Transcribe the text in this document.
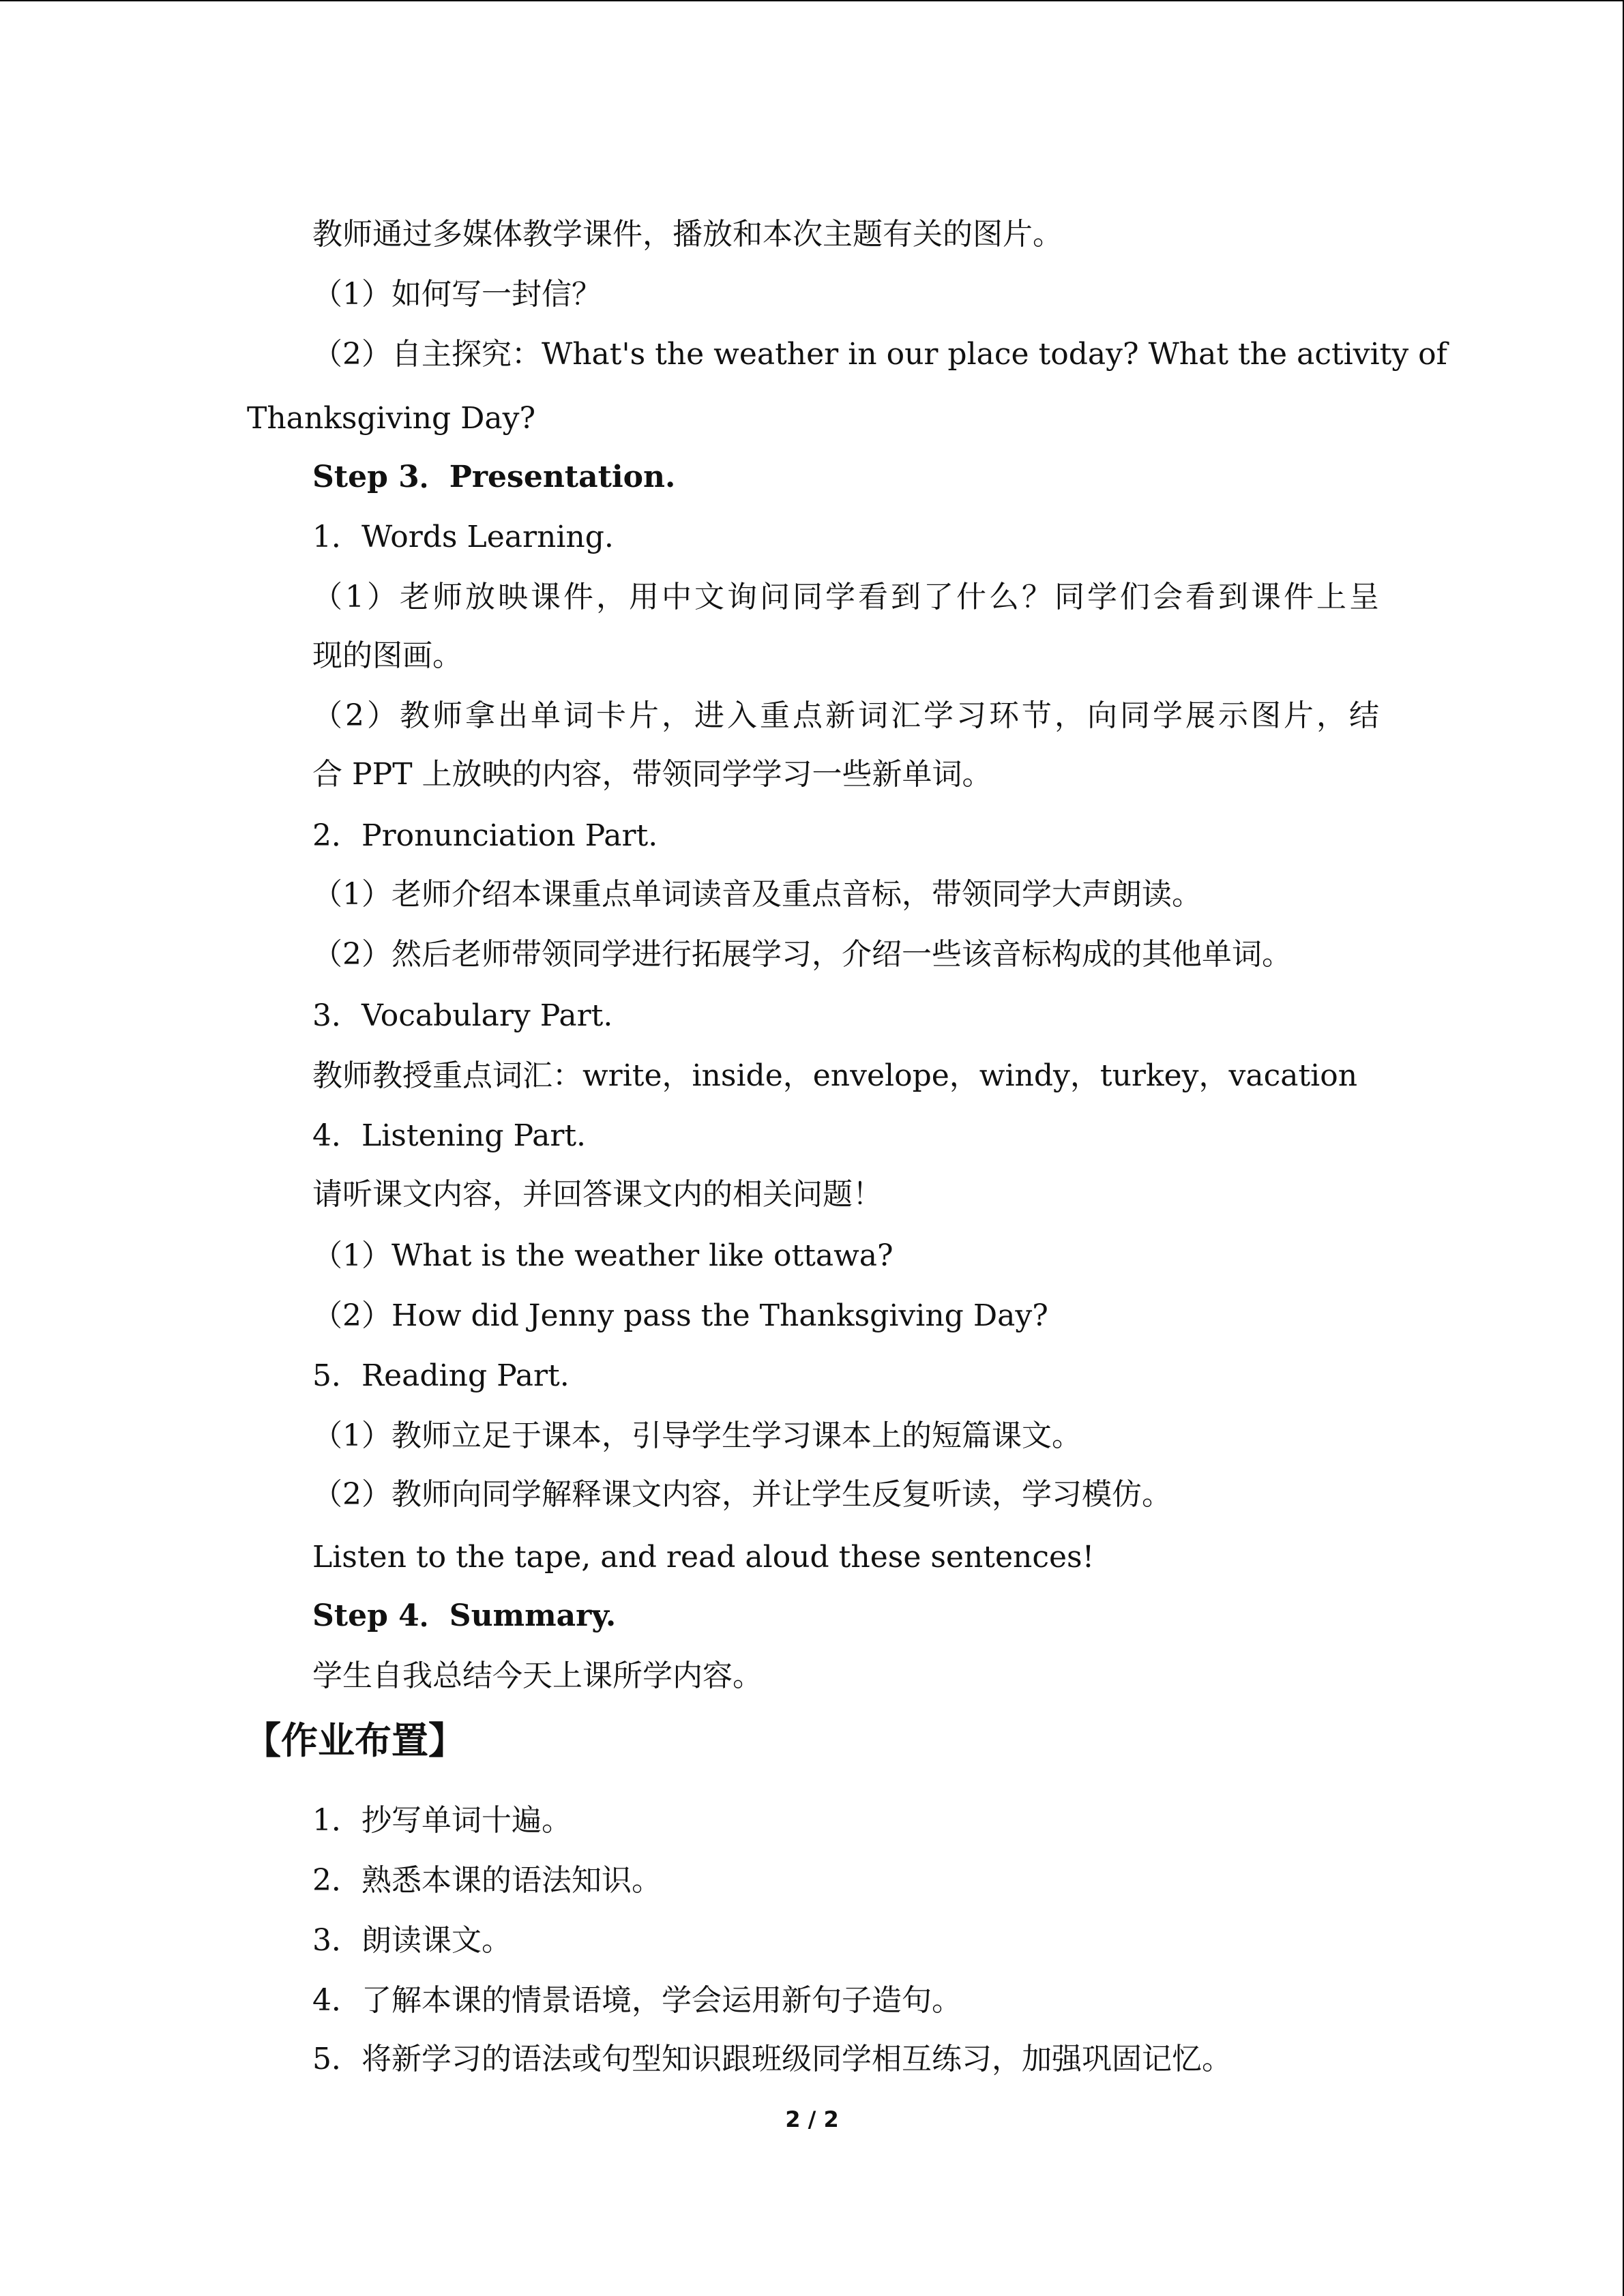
教师通过多媒体教学课件，播放和本次主题有关的图片。

（1）如何写一封信？

（2）自主探究：What's the weather in our place today? What the activity of

Thanksgiving Day?

Step 3．Presentation.

1．Words Learning.

（1）老师放映课件，用中文询问同学看到了什么？同学们会看到课件上呈

现的图画。

（2）教师拿出单词卡片，进入重点新词汇学习环节，向同学展示图片，结

合 PPT 上放映的内容，带领同学学习一些新单词。

2．Pronunciation Part.

（1）老师介绍本课重点单词读音及重点音标，带领同学大声朗读。

（2）然后老师带领同学进行拓展学习，介绍一些该音标构成的其他单词。

3．Vocabulary Part.

教师教授重点词汇：write，inside，envelope，windy，turkey，vacation

4．Listening Part.

请听课文内容，并回答课文内的相关问题！

（1）What is the weather like ottawa?

（2）How did Jenny pass the Thanksgiving Day?

5．Reading Part.

（1）教师立足于课本，引导学生学习课本上的短篇课文。

（2）教师向同学解释课文内容，并让学生反复听读，学习模仿。

Listen to the tape, and read aloud these sentences!

Step 4．Summary.

学生自我总结今天上课所学内容。

【作业布置】

1．抄写单词十遍。

2．熟悉本课的语法知识。

3．朗读课文。

4．了解本课的情景语境，学会运用新句子造句。

5．将新学习的语法或句型知识跟班级同学相互练习，加强巩固记忆。

2 / 2
